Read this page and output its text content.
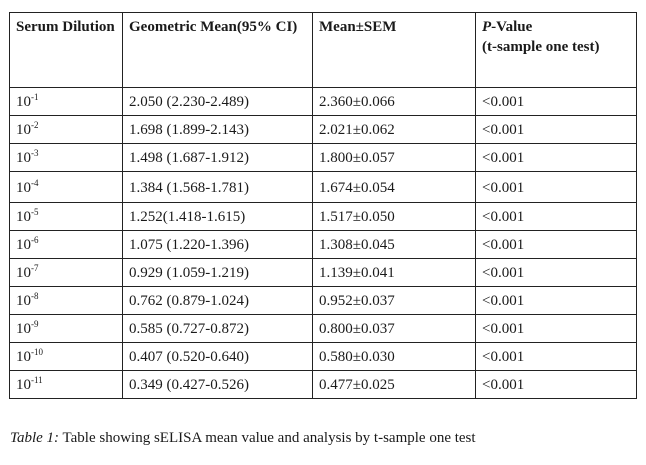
Serum Dilution	Geometric Mean(95% CI)	Mean±SEM	P-Value
(t-sample one test)

$10^{-1}$	2.050 (2.230-2.489)	2.360±0.066	<0.001
$10^{-2}$	1.698 (1.899-2.143)	2.021±0.062	<0.001
$10^{-3}$	1.498 (1.687-1.912)	1.800±0.057	<0.001
$10^{-4}$	1.384 (1.568-1.781)	1.674±0.054	<0.001
$10^{-5}$	1.252(1.418-1.615)	1.517±0.050	<0.001
$10^{-6}$	1.075 (1.220-1.396)	1.308±0.045	<0.001
$10^{-7}$	0.929 (1.059-1.219)	1.139±0.041	<0.001
$10^{-8}$	0.762 (0.879-1.024)	0.952±0.037	<0.001
$10^{-9}$	0.585 (0.727-0.872)	0.800±0.037	<0.001
$10^{-10}$	0.407 (0.520-0.640)	0.580±0.030	<0.001
$10^{-11}$	0.349 (0.427-0.526)	0.477±0.025	<0.001
Table 1: Table showing sELISA mean value and analysis by t-sample one test
